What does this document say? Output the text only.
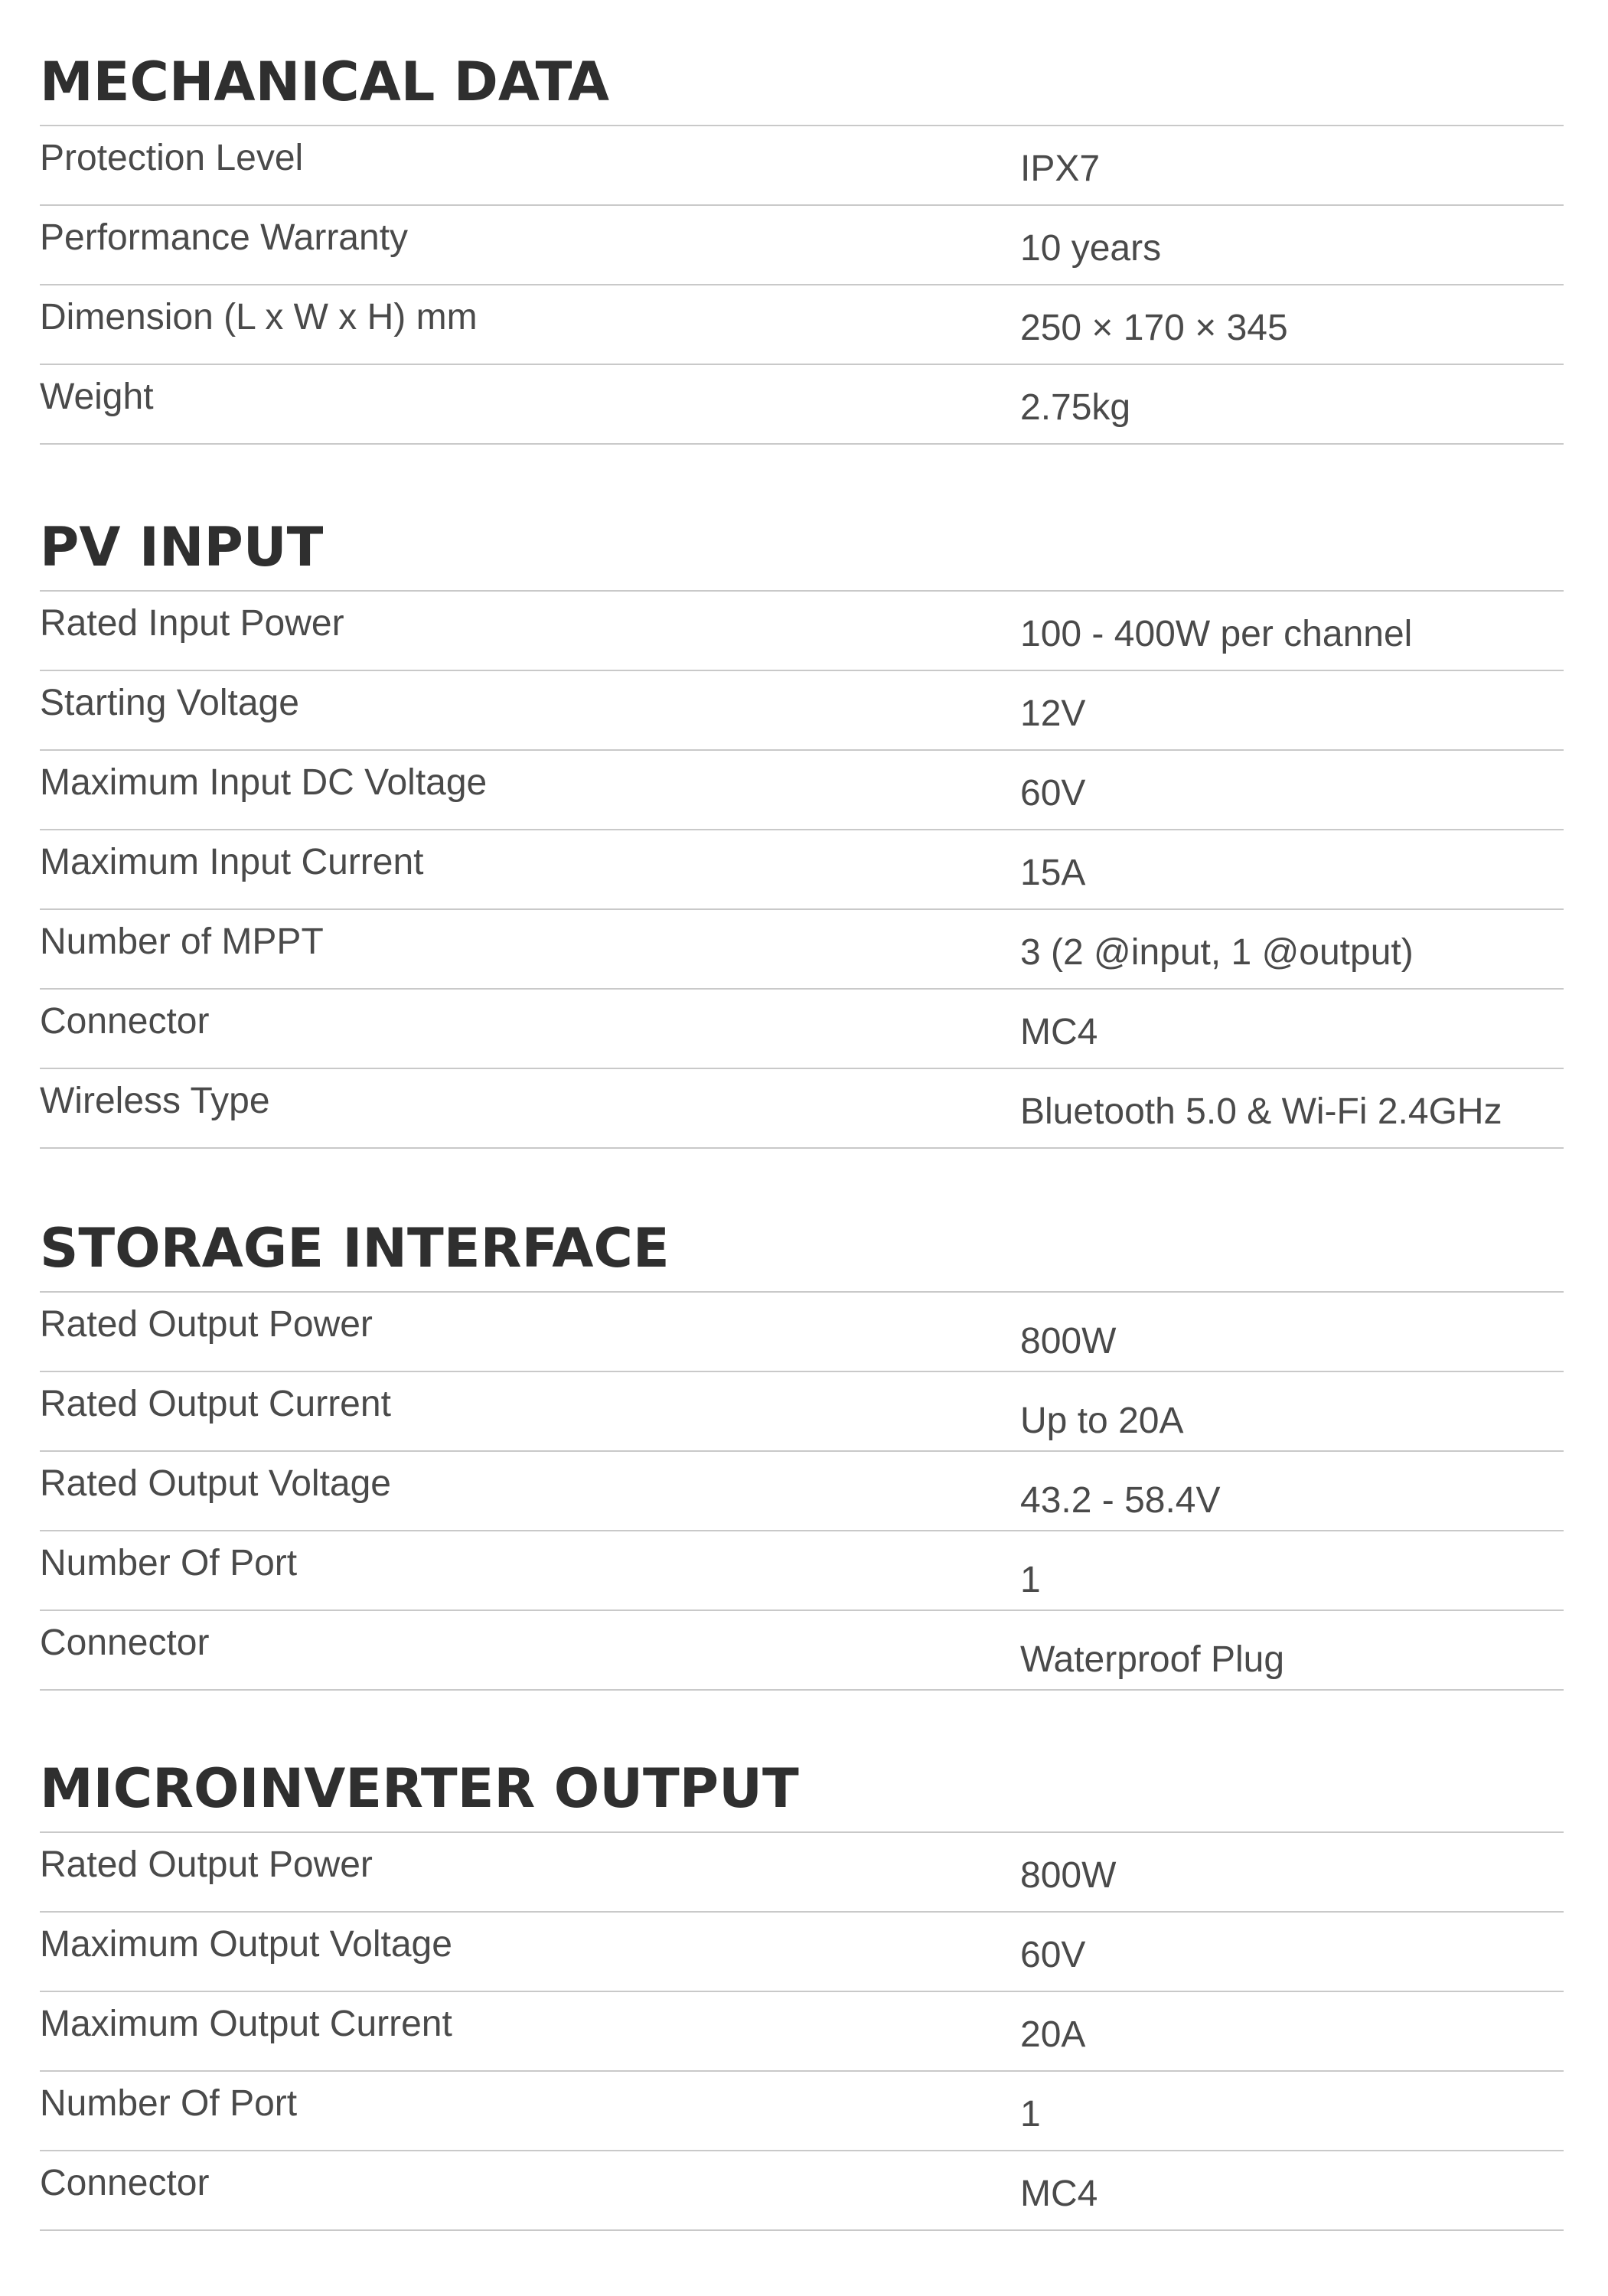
MECHANICAL DATA
Protection Level	IPX7
Performance Warranty	10 years
Dimension (L x W x H) mm	250 × 170 × 345
Weight	2.75kg
PV INPUT
Rated Input Power	100 - 400W per channel
Starting Voltage	12V
Maximum Input DC Voltage	60V
Maximum Input Current	15A
Number of MPPT	3 (2 @input, 1 @output)
Connector	MC4
Wireless Type	Bluetooth 5.0 & Wi-Fi 2.4GHz
STORAGE INTERFACE
Rated Output Power	800W
Rated Output Current	Up to 20A
Rated Output Voltage	43.2 - 58.4V
Number Of Port	1
Connector	Waterproof Plug
MICROINVERTER OUTPUT
Rated Output Power	800W
Maximum Output Voltage	60V
Maximum Output Current	20A
Number Of Port	1
Connector	MC4
